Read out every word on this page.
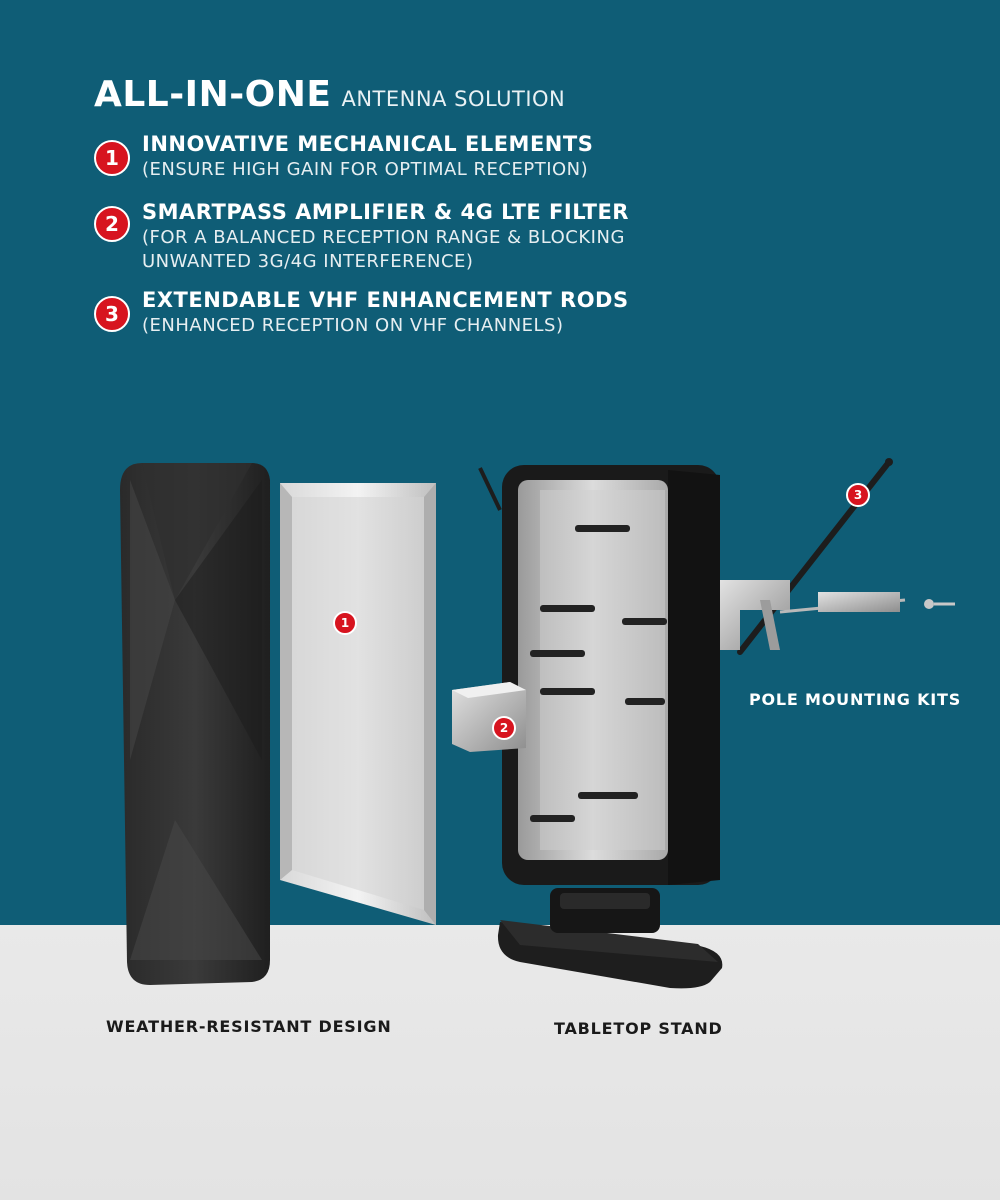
ALL-IN-ONE ANTENNA SOLUTION
1
INNOVATIVE MECHANICAL ELEMENTS
(ENSURE HIGH GAIN FOR OPTIMAL RECEPTION)
2	SMARTPASS AMPLIFIER & 4G LTE FILTER
(FOR A BALANCED RECEPTION RANGE & BLOCKING
UNWANTED 3G/4G INTERFERENCE)
3
EXTENDABLE VHF ENHANCEMENT RODS
(ENHANCED RECEPTION ON VHF CHANNELS)
1
2
3
POLE MOUNTING KITS
WEATHER-RESISTANT DESIGN	TABLETOP STAND
